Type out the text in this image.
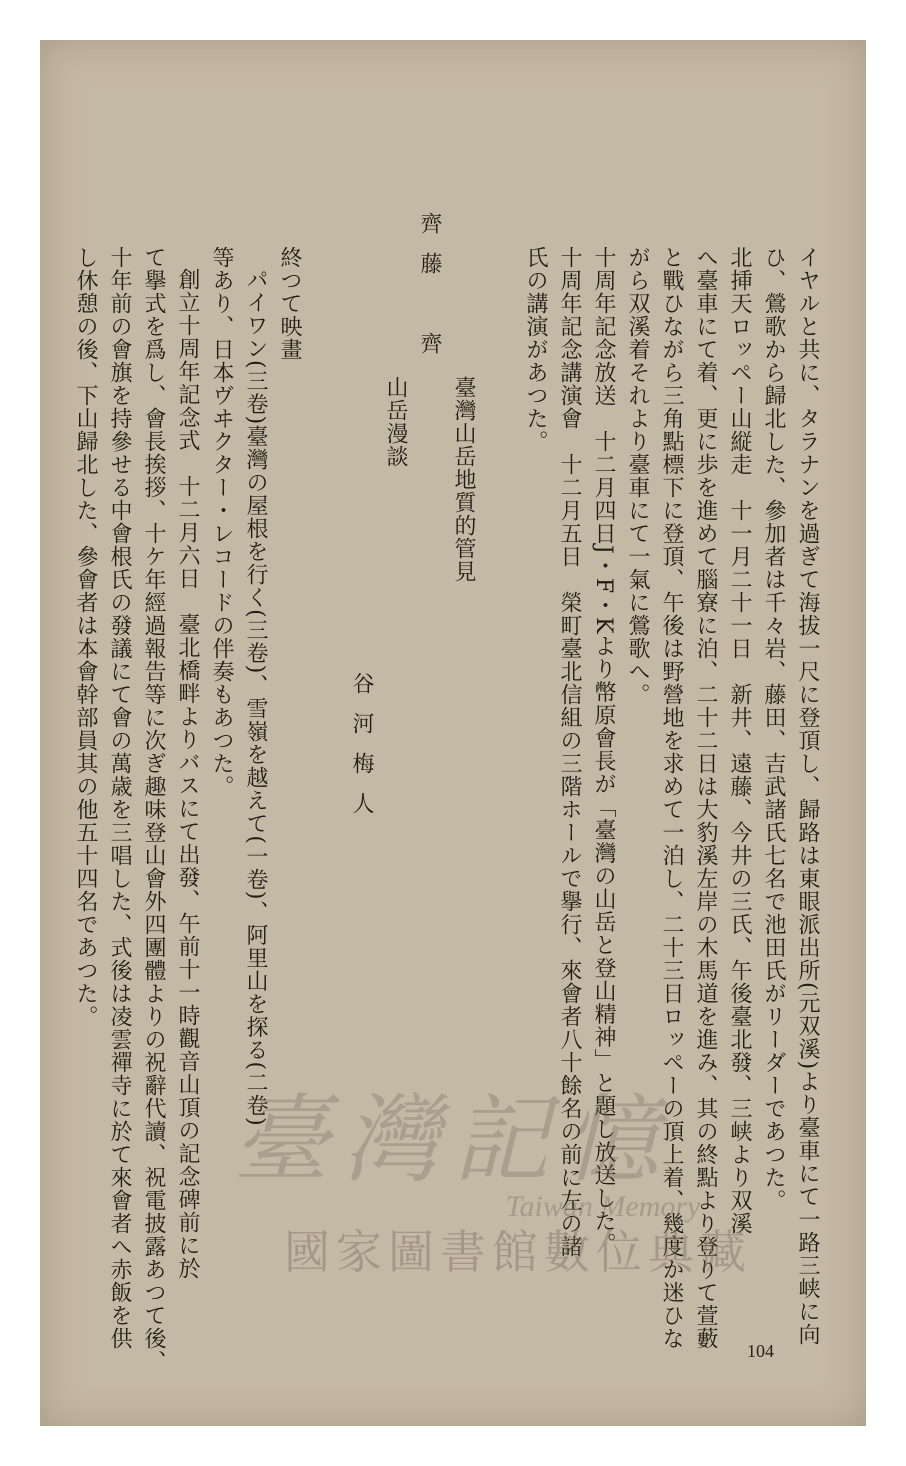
イヤルと共に、タラナンを過ぎて海拔一尺に登頂し、歸路は東眼派出所(元双溪)より臺車にて一路三峡に向
ひ、鶯歌から歸北した、參加者は千々岩、藤田、吉武諸氏七名で池田氏がリーダーであつた。
北挿天ロッペー山縦走　十一月二十一日　新井、遠藤、今井の三氏、午後臺北發、三峡より双溪
へ臺車にて着、更に歩を進めて腦寮に泊、二十二日は大豹溪左岸の木馬道を進み、其の終點より登りて萱藪
と戰ひながら三角點標下に登頂、午後は野營地を求めて一泊し、二十三日ロッペーの頂上着、幾度か迷ひな
がら双溪着それより臺車にて一氣に鶯歌へ。
十周年記念放送　十二月四日J・F・Kより幣原會長が「臺灣の山岳と登山精神」と題し放送した。
十周年記念講演會　十二月五日　榮町臺北信組の三階ホールで擧行、來會者八十餘名の前に左の諸
氏の講演があつた。
臺灣山岳地質的管見
齊藤　齊
山岳漫談
谷河梅人
終つて映畫
パイワン(三卷)臺灣の屋根を行く(三卷)、雪嶺を越えて(一卷)、阿里山を探る(二卷)
等あり、日本ヴヰクター・レコードの伴奏もあつた。
創立十周年記念式　十二月六日　臺北橋畔よりバスにて出發、午前十一時觀音山頂の記念碑前に於
て擧式を爲し、會長挨拶、十ケ年經過報告等に次ぎ趣味登山會外四團體よりの祝辭代讀、祝電披露あつて後、
十年前の會旗を持參せる中會根氏の發議にて會の萬歳を三唱した、式後は凌雲禪寺に於て來會者へ赤飯を供
し休憩の後、下山歸北した、參會者は本會幹部員其の他五十四名であつた。
104
臺灣記憶
Taiwan Memory
國家圖書館數位典藏
